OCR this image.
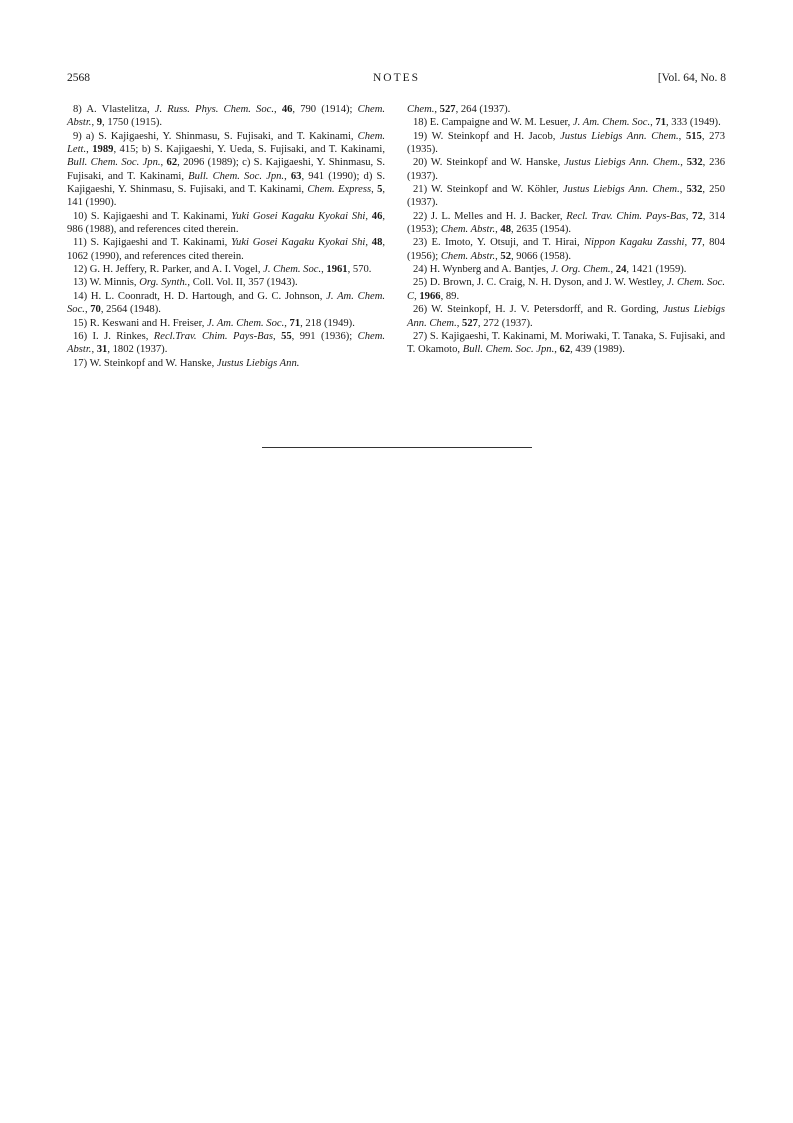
2568	NOTES	[Vol. 64, No. 8

8) A. Vlastelitza, J. Russ. Phys. Chem. Soc., 46, 790 (1914); Chem. Abstr., 9, 1750 (1915).

9) a) S. Kajigaeshi, Y. Shinmasu, S. Fujisaki, and T. Kakinami, Chem. Lett., 1989, 415; b) S. Kajigaeshi, Y. Ueda, S. Fujisaki, and T. Kakinami, Bull. Chem. Soc. Jpn., 62, 2096 (1989); c) S. Kajigaeshi, Y. Shinmasu, S. Fujisaki, and T. Kakinami, Bull. Chem. Soc. Jpn., 63, 941 (1990); d) S. Kajigaeshi, Y. Shinmasu, S. Fujisaki, and T. Kakinami, Chem. Express, 5, 141 (1990).

10) S. Kajigaeshi and T. Kakinami, Yuki Gosei Kagaku Kyokai Shi, 46, 986 (1988), and references cited therein.

11) S. Kajigaeshi and T. Kakinami, Yuki Gosei Kagaku Kyokai Shi, 48, 1062 (1990), and references cited therein.

12) G. H. Jeffery, R. Parker, and A. I. Vogel, J. Chem. Soc., 1961, 570.

13) W. Minnis, Org. Synth., Coll. Vol. II, 357 (1943).

14) H. L. Coonradt, H. D. Hartough, and G. C. Johnson, J. Am. Chem. Soc., 70, 2564 (1948).

15) R. Keswani and H. Freiser, J. Am. Chem. Soc., 71, 218 (1949).

16) I. J. Rinkes, Recl.Trav. Chim. Pays-Bas, 55, 991 (1936); Chem. Abstr., 31, 1802 (1937).

17) W. Steinkopf and W. Hanske, Justus Liebigs Ann.

Chem., 527, 264 (1937).

18) E. Campaigne and W. M. Lesuer, J. Am. Chem. Soc., 71, 333 (1949).

19) W. Steinkopf and H. Jacob, Justus Liebigs Ann. Chem., 515, 273 (1935).

20) W. Steinkopf and W. Hanske, Justus Liebigs Ann. Chem., 532, 236 (1937).

21) W. Steinkopf and W. Köhler, Justus Liebigs Ann. Chem., 532, 250 (1937).

22) J. L. Melles and H. J. Backer, Recl. Trav. Chim. Pays-Bas, 72, 314 (1953); Chem. Abstr., 48, 2635 (1954).

23) E. Imoto, Y. Otsuji, and T. Hirai, Nippon Kagaku Zasshi, 77, 804 (1956); Chem. Abstr., 52, 9066 (1958).

24) H. Wynberg and A. Bantjes, J. Org. Chem., 24, 1421 (1959).

25) D. Brown, J. C. Craig, N. H. Dyson, and J. W. Westley, J. Chem. Soc. C, 1966, 89.

26) W. Steinkopf, H. J. V. Petersdorff, and R. Gording, Justus Liebigs Ann. Chem., 527, 272 (1937).

27) S. Kajigaeshi, T. Kakinami, M. Moriwaki, T. Tanaka, S. Fujisaki, and T. Okamoto, Bull. Chem. Soc. Jpn., 62, 439 (1989).
